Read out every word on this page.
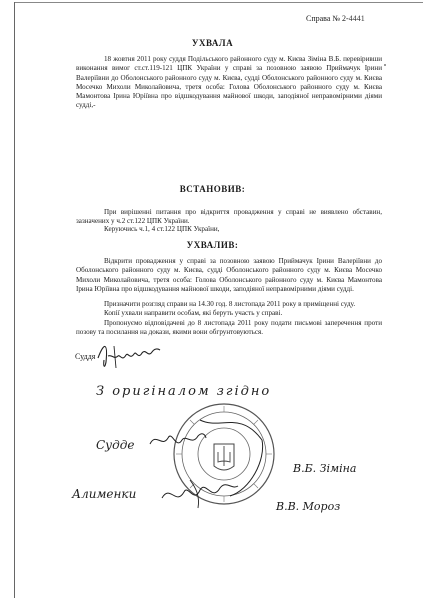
Справа № 2-4441
УХВАЛА

18 жовтня 2011 року суддя Подільського районного суду м. Києва Зіміна В.Б. перевіривши виконання вимог ст.ст.119-121 ЦПК України у справі за позовною заявою Приймачук Ірини Валеріївни до Оболонського районного суду м. Києва, судді Оболонського районного суду м. Києва Мосечко Михоли Миколайовича, третя особа: Голова Оболонського районного суду м. Києва Мамонтова Ірина Юріївна про відшкодування майнової шкоди, заподіяної неправомірними діями судді,-

ВСТАНОВИВ:

При вирішенні питання про відкриття провадження у справі не виявлено обставин, зазначених у ч.2 ст.122 ЦПК України.

Керуючись ч.1, 4 ст.122 ЦПК України,

УХВАЛИВ:

Відкрити провадження у справі за позовною заявою Приймачук Ірини Валеріївни до Оболонського районного суду м. Києва, судді Оболонського районного суду м. Києва Мосечко Михоли Миколайовича, третя особа: Голова Оболонського районного суду м. Києва Мамонтова Ірина Юріївна про відшкодування майнової шкоди, заподіяної неправомірними діями судді.

Призначити розгляд справи на 14.30 год. 8 листопада 2011 року в приміщенні суду.
Копії ухвали направити особам, які беруть участь у справі.
Пропонуємо відповідачеві до 8 листопада 2011 року подати письмові заперечення проти позову та посилання на докази, якими вони обгрунтовуються.
Суддя
З оригіналом згідно
Судде
В.Б. Зіміна
Алименки
В.В. Мороз
